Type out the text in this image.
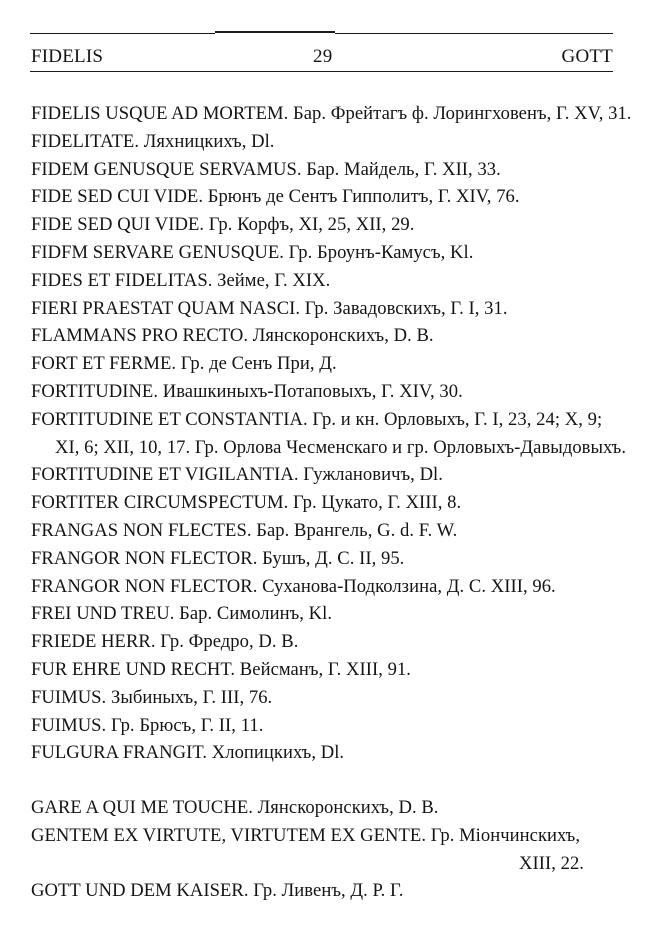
FIDELIS	29	GOTT
FIDELIS USQUE AD MORTEM. Бар. Фрейтагъ ф. Лорингховенъ, Г. XV, 31.
FIDELITATE. Ляхницкихъ, Dl.
FIDEM GENUSQUE SERVAMUS. Бар. Майдель, Г. XII, 33.
FIDE SED CUI VIDE. Брюнъ де Сентъ Гипполитъ, Г. XIV, 76.
FIDE SED QUI VIDE. Гр. Корфъ, XI, 25, XII, 29.
FIDFM SERVARE GENUSQUE. Гр. Броунъ-Камусъ, Kl.
FIDES ET FIDELITAS. Зейме, Г. XIX.
FIERI PRAESTAT QUAM NASCI. Гр. Завадовскихъ, Г. I, 31.
FLAMMANS PRO RECTO. Лянскоронскихъ, D. B.
FORT ET FERME. Гр. де Сенъ При, Д.
FORTITUDINE. Ивашкиныхъ-Потаповыхъ, Г. XIV, 30.
FORTITUDINE ET CONSTANTIA. Гр. и кн. Орловыхъ, Г. I, 23, 24; X, 9;
XI, 6; XII, 10, 17. Гр. Орлова Чесменскаго и гр. Орловыхъ-Давыдовыхъ.
FORTITUDINE ET VIGILANTIA. Гужлановичъ, Dl.
FORTITER CIRCUMSPECTUM. Гр. Цукато, Г. XIII, 8.
FRANGAS NON FLECTES. Бар. Врангель, G. d. F. W.
FRANGOR NON FLECTOR. Бушъ, Д. С. II, 95.
FRANGOR NON FLECTOR. Суханова-Подколзина, Д. С. XIII, 96.
FREI UND TREU. Бар. Симолинъ, Kl.
FRIEDE HERR. Гр. Фредро, D. B.
FUR EHRE UND RECHT. Вейсманъ, Г. XIII, 91.
FUIMUS. Зыбиныхъ, Г. III, 76.
FUIMUS. Гр. Брюсъ, Г. II, 11.
FULGURA FRANGIT. Хлопицкихъ, Dl.
GARE A QUI ME TOUCHE. Лянскоронскихъ, D. B.
GENTEM EX VIRTUTE, VIRTUTEM EX GENTE. Гр. Міончинскихъ,
XIII, 22.
GOTT UND DEM KAISER. Гр. Ливенъ, Д. Р. Г.
